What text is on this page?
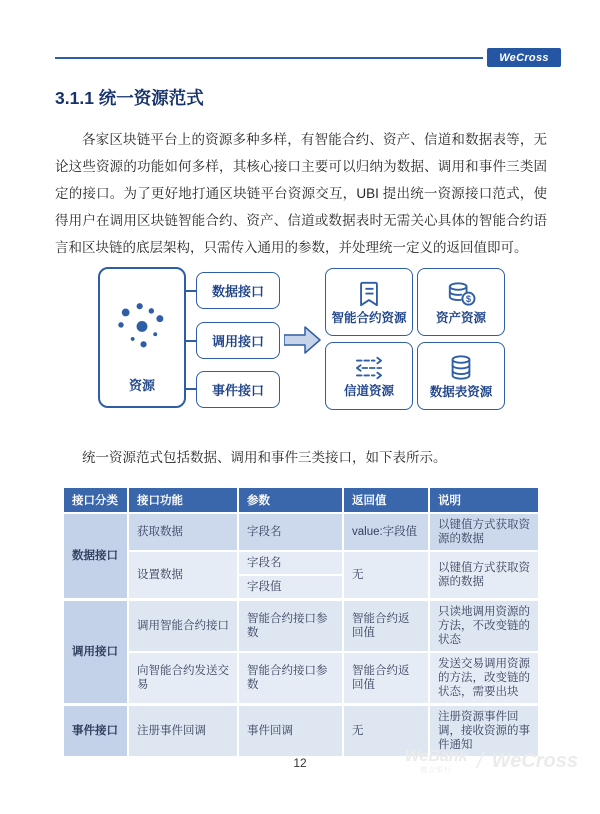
WeCross
3.1.1 统一资源范式
各家区块链平台上的资源多种多样，有智能合约、资产、信道和数据表等，无论这些资源的功能如何多样，其核心接口主要可以归纳为数据、调用和事件三类固定的接口。为了更好地打通区块链平台资源交互，UBI 提出统一资源接口范式，使得用户在调用区块链智能合约、资产、信道或数据表时无需关心具体的智能合约语言和区块链的底层架构，只需传入通用的参数，并处理统一定义的返回值即可。
统一资源范式包括数据、调用和事件三类接口，如下表所示。
资源
数据接口
调用接口
事件接口
智能合约资源
$
资产资源
信道资源	数据表资源
接口分类	接口功能	参数	返回值	说明
数据接口	获取数据	字段名	value:字段值	以键值方式获取资源的数据
	设置数据	字段名	无	以键值方式获取资源的数据
		字段值		
调用接口	调用智能合约接口	智能合约接口参数	智能合约返回值	只读地调用资源的方法，不改变链的状态
	向智能合约发送交易	智能合约接口参数	智能合约返回值	发送交易调用资源的方法，改变链的状态，需要出块
事件接口	注册事件回调	事件回调	无	注册资源事件回调，接收资源的事件通知
12	WeBank
微众银行 / WeCross
